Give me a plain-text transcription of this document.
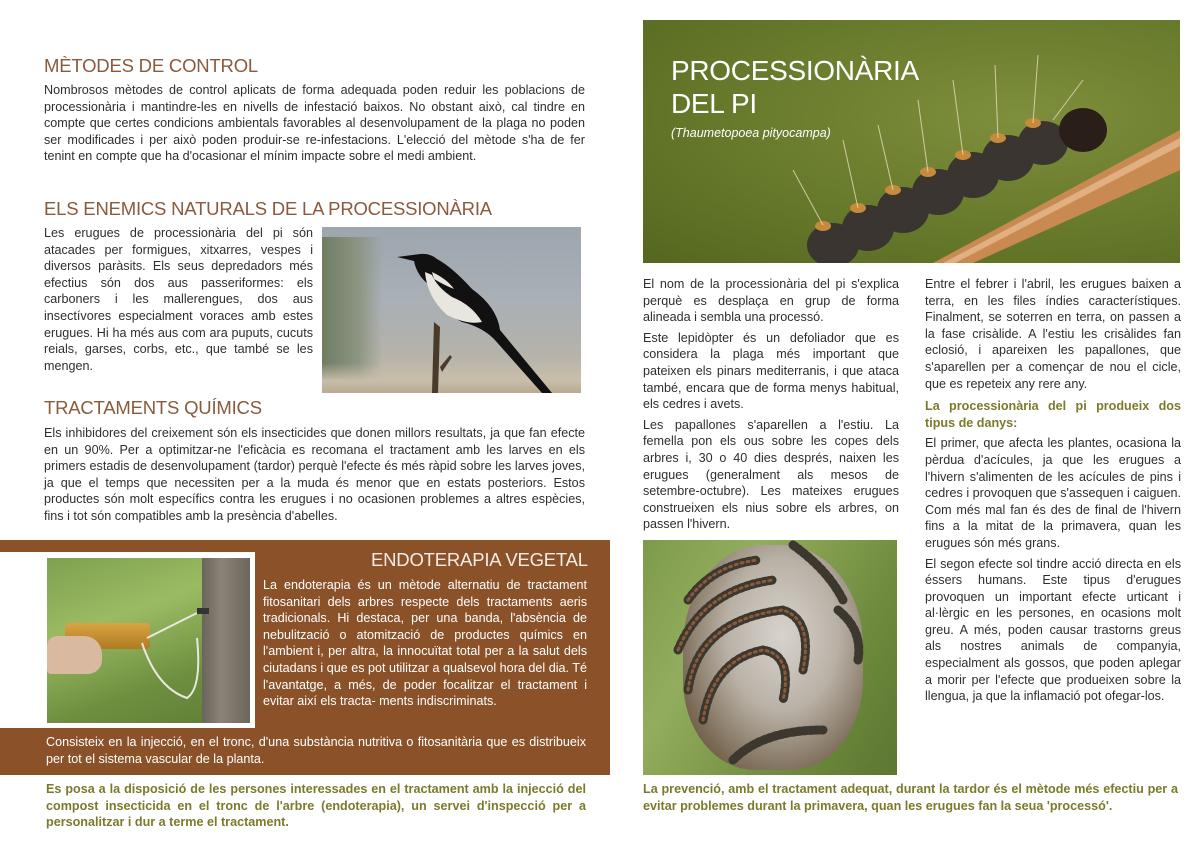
MÈTODES DE CONTROL

Nombrosos mètodes de control aplicats de forma adequada poden reduir les poblacions de processionària i mantindre-les en nivells de infestació baixos. No obstant això, cal tindre en compte que certes condicions ambientals favorables al desenvolupament de la plaga no poden ser modificades i per això poden produir-se re-infestacions. L'elecció del mètode s'ha de fer tenint en compte que ha d'ocasionar el mínim impacte sobre el medi ambient.

ELS ENEMICS NATURALS DE LA PROCESSIONÀRIA

Les erugues de processionària del pi són atacades per formigues, xitxarres, vespes i diversos paràsits. Els seus depredadors més efectius són dos aus passeriformes: els carboners i les mallerengues, dos aus insectívores especialment voraces amb estes erugues. Hi ha més aus com ara puputs, cucuts reials, garses, corbs, etc., que també se les mengen.

TRACTAMENTS QUÍMICS

Els inhibidores del creixement són els insecticides que donen millors resultats, ja que fan efecte en un 90%. Per a optimitzar-ne l'eficàcia es recomana el tractament amb les larves en els primers estadis de desenvolupament (tardor) perquè l'efecte és més ràpid sobre les larves joves, ja que el temps que necessiten per a la muda és menor que en estats posteriors. Estos productes són molt específics contra les erugues i no ocasionen problemes a altres espècies, fins i tot són compatibles amb la presència d'abelles.

ENDOTERAPIA VEGETAL

La endoterapia és un mètode alternatiu de tractament fitosanitari dels arbres respecte dels tractaments aeris tradicionals. Hi destaca, per una banda, l'absència de nebulització o atomització de productes químics en l'ambient i, per altra, la innocuïtat total per a la salut dels ciutadans i que es pot utilitzar a qualsevol hora del dia. Té l'avantatge, a més, de poder focalitzar el tractament i evitar així els tracta- ments indiscriminats.

Consisteix en la injecció, en el tronc, d'una substància nutritiva o fitosanitària que es distribueix per tot el sistema vascular de la planta.

Es posa a la disposició de les persones interessades en el tractament amb la injecció del compost insecticida en el tronc de l'arbre (endoterapia), un servei d'inspecció per a personalitzar i dur a terme el tractament.

PROCESSIONÀRIA
DEL PI
(Thaumetopoea pityocampa)

El nom de la processionària del pi s'explica perquè es desplaça en grup de forma alineada i sembla una processó.

Este lepidòpter és un defoliador que es considera la plaga més important que pateixen els pinars mediterranis, i que ataca també, encara que de forma menys habitual, els cedres i avets.

Les papallones s'aparellen a l'estiu. La femella pon els ous sobre les copes dels arbres i, 30 o 40 dies després, naixen les erugues (generalment als mesos de setembre-octubre). Les mateixes erugues construeixen els nius sobre els arbres, on passen l'hivern.

Entre el febrer i l'abril, les erugues baixen a terra, en les files índies característiques. Finalment, se soterren en terra, on passen a la fase crisàlide. A l'estiu les crisàlides fan eclosió, i apareixen les papallones, que s'aparellen per a començar de nou el cicle, que es repeteix any rere any.

La processionària del pi produeix dos tipus de danys:

El primer, que afecta les plantes, ocasiona la pèrdua d'acícules, ja que les erugues a l'hivern s'alimenten de les acícules de pins i cedres i provoquen que s'assequen i caiguen. Com més mal fan és des de final de l'hivern fins a la mitat de la primavera, quan les erugues són més grans.

El segon efecte sol tindre acció directa en els éssers humans. Este tipus d'erugues provoquen un important efecte urticant i al·lèrgic en les persones, en ocasions molt greu. A més, poden causar trastorns greus als nostres animals de companyia, especialment als gossos, que poden aplegar a morir per l'efecte que produeixen sobre la llengua, ja que la inflamació pot ofegar-los.

La prevenció, amb el tractament adequat, durant la tardor és el mètode més efectiu per a evitar problemes durant la primavera, quan les erugues fan la seua 'processó'.
